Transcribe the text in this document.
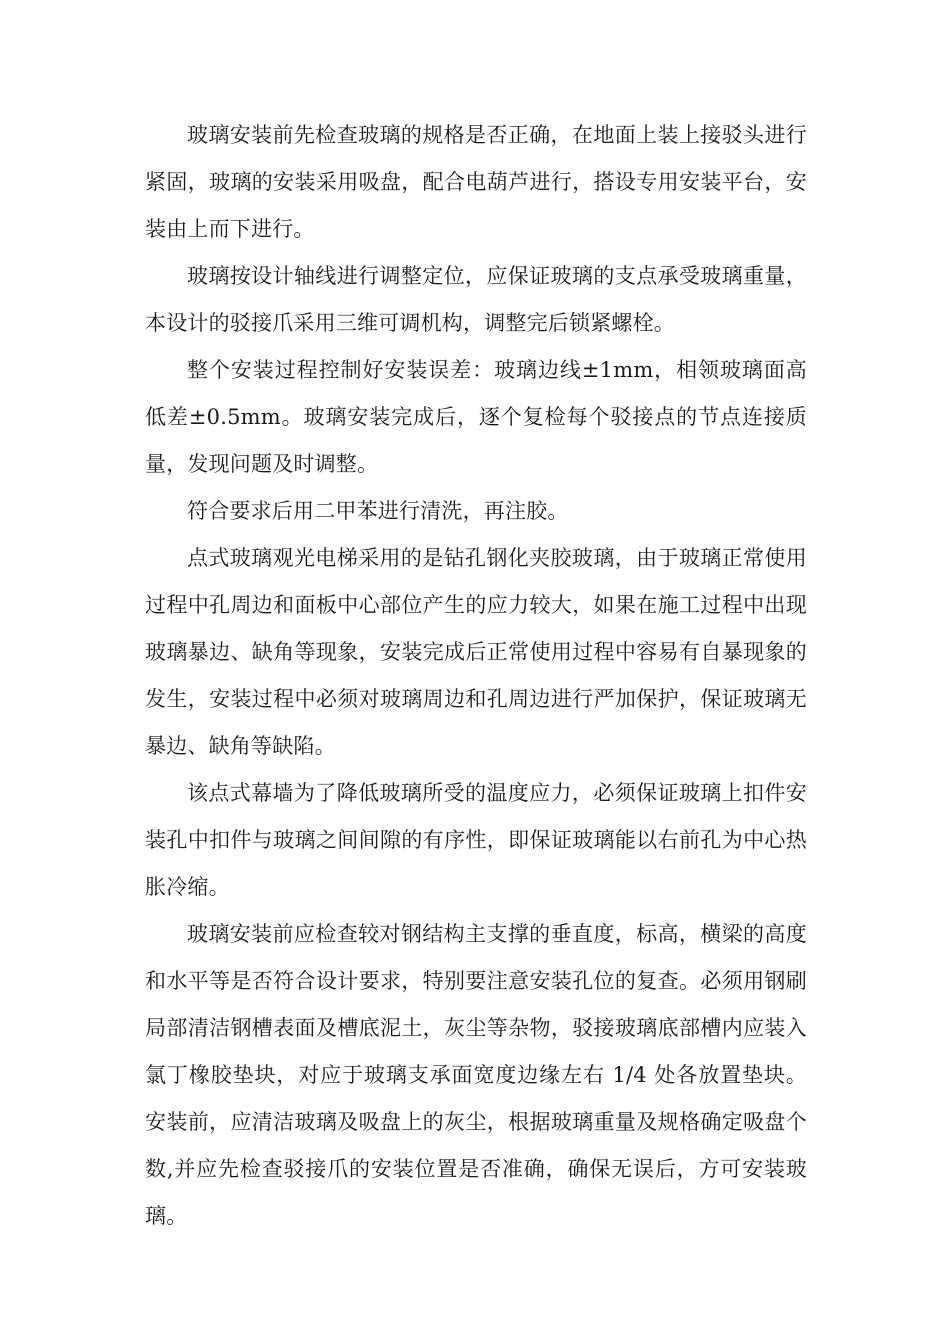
玻璃安装前先检查玻璃的规格是否正确，在地面上装上接驳头进行紧固，玻璃的安装采用吸盘，配合电葫芦进行，搭设专用安装平台，安装由上而下进行。

玻璃按设计轴线进行调整定位，应保证玻璃的支点承受玻璃重量，本设计的驳接爪采用三维可调机构，调整完后锁紧螺栓。

整个安装过程控制好安装误差：玻璃边线±1mm，相领玻璃面高低差±0.5mm。玻璃安装完成后，逐个复检每个驳接点的节点连接质量，发现问题及时调整。

符合要求后用二甲苯进行清洗，再注胶。

点式玻璃观光电梯采用的是钻孔钢化夹胶玻璃，由于玻璃正常使用过程中孔周边和面板中心部位产生的应力较大，如果在施工过程中出现玻璃暴边、缺角等现象，安装完成后正常使用过程中容易有自暴现象的发生，安装过程中必须对玻璃周边和孔周边进行严加保护，保证玻璃无暴边、缺角等缺陷。

该点式幕墙为了降低玻璃所受的温度应力，必须保证玻璃上扣件安装孔中扣件与玻璃之间间隙的有序性，即保证玻璃能以右前孔为中心热胀冷缩。

玻璃安装前应检查较对钢结构主支撑的垂直度，标高，横梁的高度和水平等是否符合设计要求，特别要注意安装孔位的复查。必须用钢刷局部清洁钢槽表面及槽底泥土，灰尘等杂物，驳接玻璃底部槽内应装入氯丁橡胶垫块，对应于玻璃支承面宽度边缘左右 1/4 处各放置垫块。 安装前，应清洁玻璃及吸盘上的灰尘，根据玻璃重量及规格确定吸盘个数,并应先检查驳接爪的安装位置是否准确，确保无误后，方可安装玻璃。
